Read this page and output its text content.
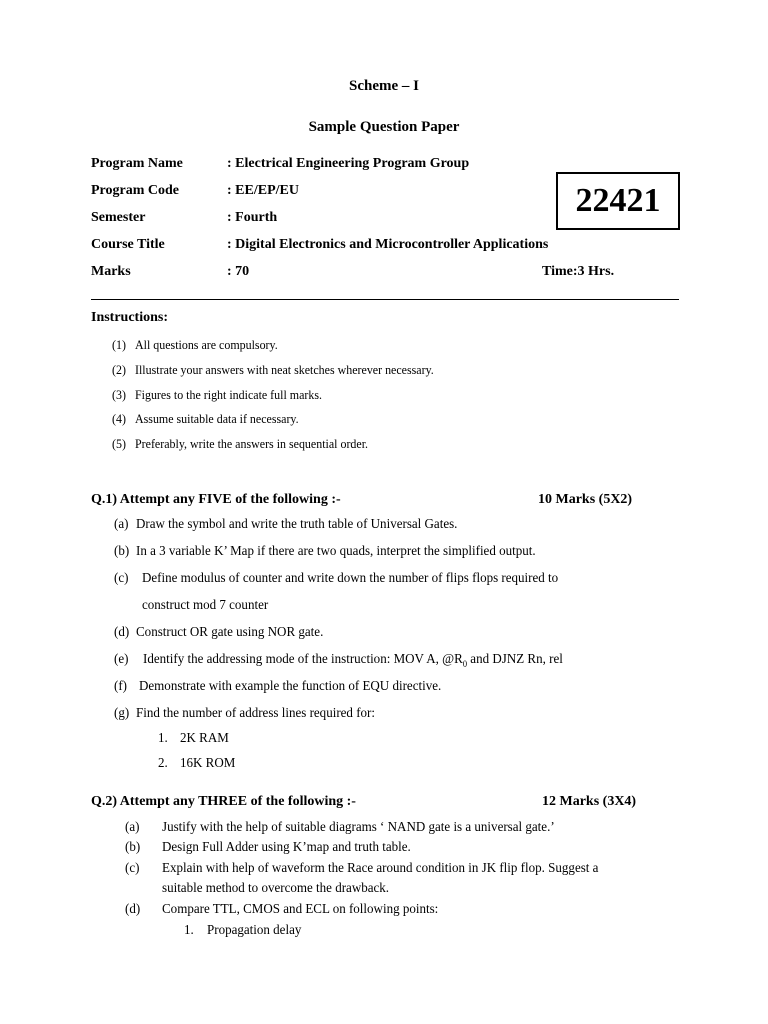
Scheme – I
Sample Question Paper
Program Name	: Electrical Engineering Program Group
Program Code	: EE/EP/EU
Semester	: Fourth
Course Title	: Digital Electronics and Microcontroller Applications
Marks	: 70	Time:3 Hrs.
22421
Instructions:
(1) All questions are compulsory.
(2) Illustrate your answers with neat sketches wherever necessary.
(3) Figures to the right indicate full marks.
(4) Assume suitable data if necessary.
(5) Preferably, write the answers in sequential order.
Q.1) Attempt any FIVE of the following :-	10 Marks (5X2)
(a) Draw the symbol and write the truth table of Universal Gates.
(b) In a 3 variable K’ Map if there are two quads, interpret the simplified output.
(c) Define modulus of counter and write down the number of flips flops required to
construct mod 7 counter
(d) Construct OR gate using NOR gate.
(e) Identify the addressing mode of the instruction: MOV A, $@R_0$ and DJNZ Rn, rel
(f) Demonstrate with example the function of EQU directive.
(g) Find the number of address lines required for:
1. 2K RAM
2. 16K ROM
Q.2) Attempt any THREE of the following :-	12 Marks (3X4)
(a) Justify with the help of suitable diagrams ‘ NAND gate is a universal gate.’
(b) Design Full Adder using K’map and truth table.
(c) Explain with help of waveform the Race around condition in JK flip flop. Suggest a
suitable method to overcome the drawback.
(d) Compare TTL, CMOS and ECL on following points:
1. Propagation delay
